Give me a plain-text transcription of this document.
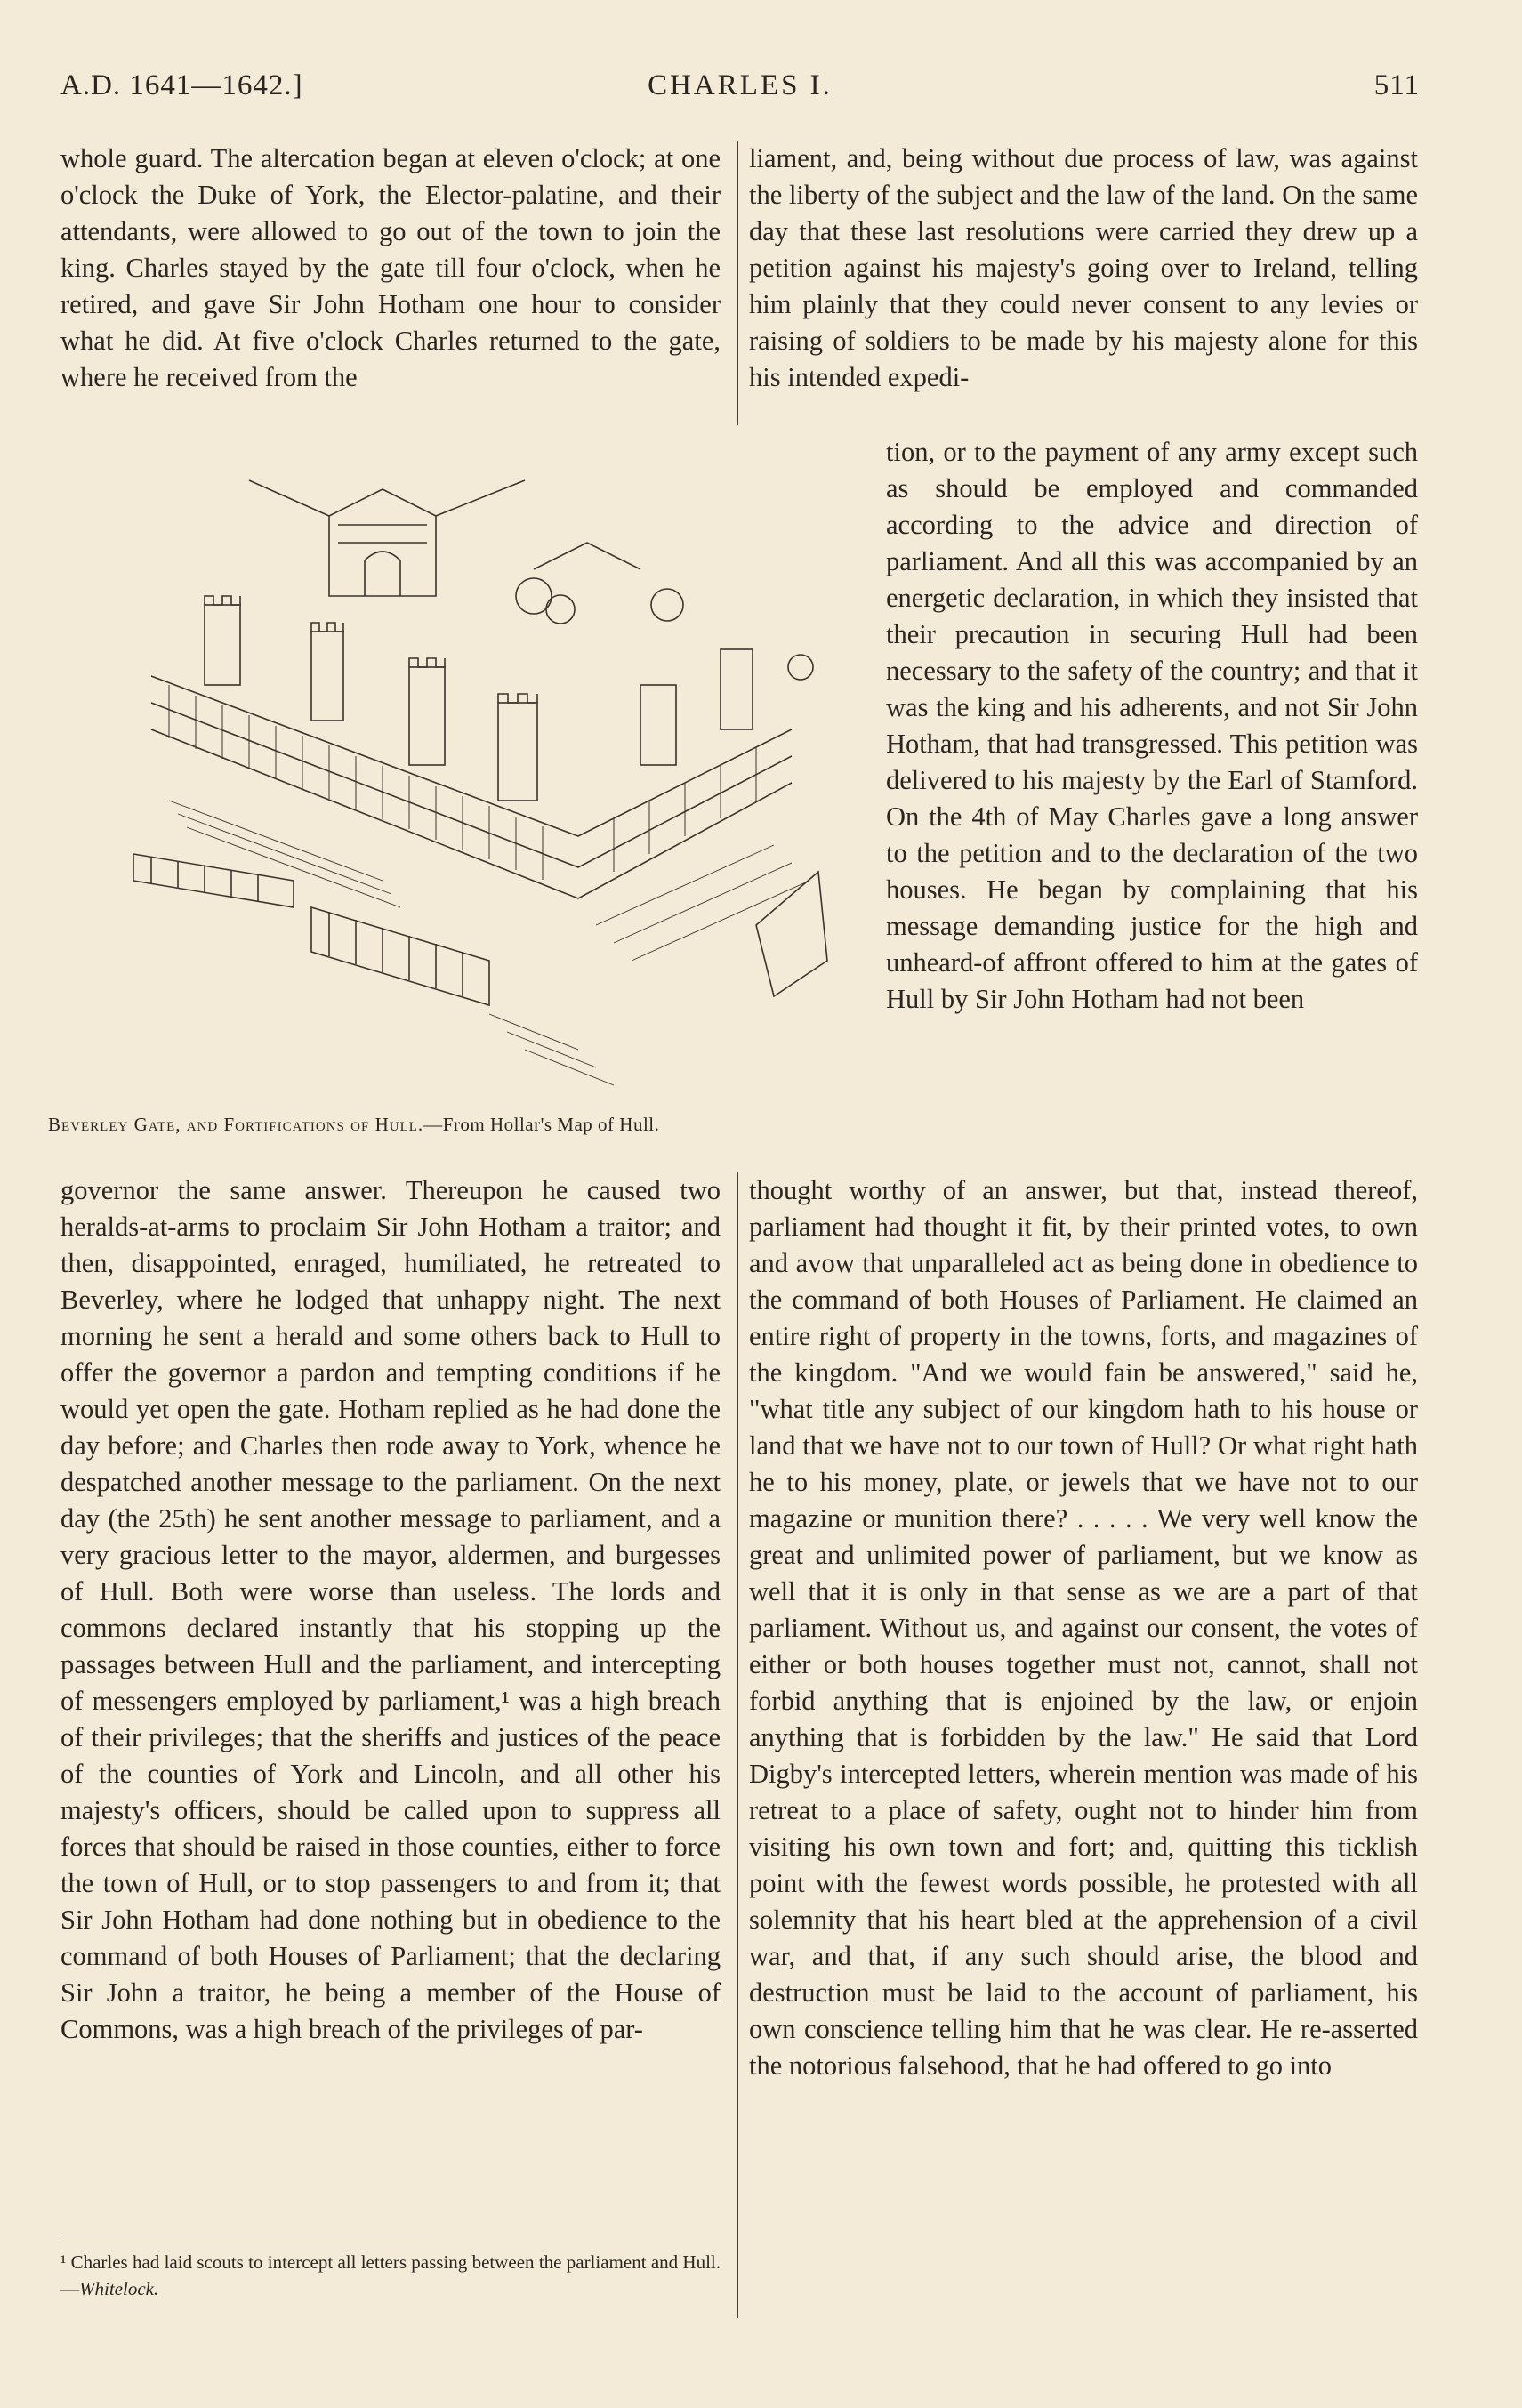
A.D. 1641—1642.]	CHARLES I.	511

whole guard. The altercation began at eleven o'clock; at one o'clock the Duke of York, the Elector-palatine, and their attendants, were allowed to go out of the town to join the king. Charles stayed by the gate till four o'clock, when he retired, and gave Sir John Hotham one hour to consider what he did. At five o'clock Charles returned to the gate, where he received from the

liament, and, being without due process of law, was against the liberty of the subject and the law of the land. On the same day that these last resolutions were carried they drew up a petition against his majesty's going over to Ireland, telling him plainly that they could never consent to any levies or raising of soldiers to be made by his majesty alone for this his intended expedi-

tion, or to the payment of any army except such as should be employed and commanded according to the advice and direction of parliament. And all this was accompanied by an energetic declaration, in which they insisted that their precaution in securing Hull had been necessary to the safety of the country; and that it was the king and his adherents, and not Sir John Hotham, that had transgressed. This petition was delivered to his majesty by the Earl of Stamford. On the 4th of May Charles gave a long answer to the petition and to the declaration of the two houses. He began by complaining that his message demanding justice for the high and unheard-of affront offered to him at the gates of Hull by Sir John Hotham had not been

Beverley Gate, and Fortifications of Hull.—From Hollar's Map of Hull.

governor the same answer. Thereupon he caused two heralds-at-arms to proclaim Sir John Hotham a traitor; and then, disappointed, enraged, humiliated, he retreated to Beverley, where he lodged that unhappy night. The next morning he sent a herald and some others back to Hull to offer the governor a pardon and tempting conditions if he would yet open the gate. Hotham replied as he had done the day before; and Charles then rode away to York, whence he despatched another message to the parliament. On the next day (the 25th) he sent another message to parliament, and a very gracious letter to the mayor, aldermen, and burgesses of Hull. Both were worse than useless. The lords and commons declared instantly that his stopping up the passages between Hull and the parliament, and intercepting of messengers employed by parliament,¹ was a high breach of their privileges; that the sheriffs and justices of the peace of the counties of York and Lincoln, and all other his majesty's officers, should be called upon to suppress all forces that should be raised in those counties, either to force the town of Hull, or to stop passengers to and from it; that Sir John Hotham had done nothing but in obedience to the command of both Houses of Parliament; that the declaring Sir John a traitor, he being a member of the House of Commons, was a high breach of the privileges of par-

thought worthy of an answer, but that, instead thereof, parliament had thought it fit, by their printed votes, to own and avow that unparalleled act as being done in obedience to the command of both Houses of Parliament. He claimed an entire right of property in the towns, forts, and magazines of the kingdom. "And we would fain be answered," said he, "what title any subject of our kingdom hath to his house or land that we have not to our town of Hull? Or what right hath he to his money, plate, or jewels that we have not to our magazine or munition there? . . . . . We very well know the great and unlimited power of parliament, but we know as well that it is only in that sense as we are a part of that parliament. Without us, and against our consent, the votes of either or both houses together must not, cannot, shall not forbid anything that is enjoined by the law, or enjoin anything that is forbidden by the law." He said that Lord Digby's intercepted letters, wherein mention was made of his retreat to a place of safety, ought not to hinder him from visiting his own town and fort; and, quitting this ticklish point with the fewest words possible, he protested with all solemnity that his heart bled at the apprehension of a civil war, and that, if any such should arise, the blood and destruction must be laid to the account of parliament, his own conscience telling him that he was clear. He re-asserted the notorious falsehood, that he had offered to go into

¹ Charles had laid scouts to intercept all letters passing between the parliament and Hull.—Whitelock.
